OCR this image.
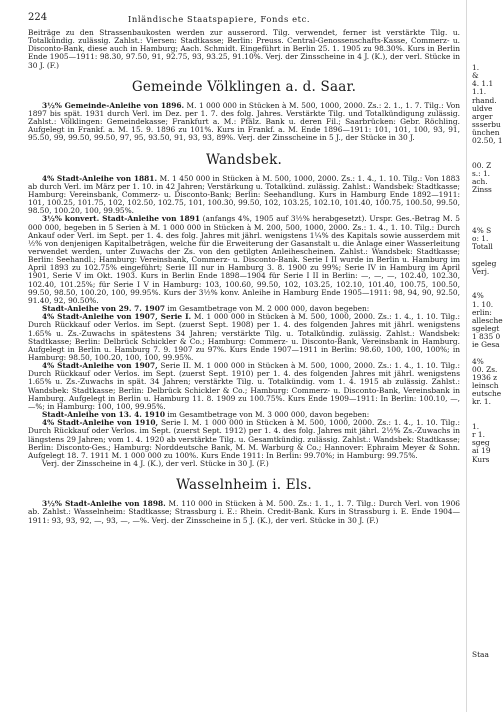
224	Inländische Staatspapiere, Fonds etc.

Beiträge zu den Strassenbaukosten werden zur ausserord. Tilg. verwendet, ferner ist verstärkte Tilg. u. Totalkündig. zulässig. Zahlst.: Viersen: Stadtkasse; Berlin: Preuss. Central-Genossenschafts-Kasse, Commerz- u. Disconto-Bank, diese auch in Hamburg; Aach. Schmidt. Eingeführt in Berlin 25. 1. 1905 zu 98.30%. Kurs in Berlin Ende 1905—1911: 98.30, 97.50, 91, 92.75, 93, 93.25, 91.10%. Verj. der Zinsscheine in 4 J. (K.), der verl. Stücke in 30 J. (F.)

Gemeinde Völklingen a. d. Saar.

3½% Gemeinde-Anleihe von 1896. M. 1 000 000 in Stücken à M. 500, 1000, 2000. Zs.: 2. 1., 1. 7. Tilg.: Von 1897 bis spät. 1931 durch Verl. im Dez. per 1. 7. des folg. Jahres. Verstärkte Tilg. und Totalkündigung zulässig. Zahlst.: Völklingen: Gemeindekasse; Frankfurt a. M.: Pfälz. Bank u. deren Fil.; Saarbrücken: Gebr. Röchling. Aufgelegt in Frankf. a. M. 15. 9. 1896 zu 101%. Kurs in Frankf. a. M. Ende 1896—1911: 101, 101, 100, 93, 91, 95.50, 99, 99.50, 99.50, 97, 95, 93.50, 91, 93, 93, 89%. Verj. der Zinsscheine in 5 J., der Stücke in 30 J.

Wandsbek.

4% Stadt-Anleihe von 1881. M. 1 450 000 in Stücken à M. 500, 1000, 2000. Zs.: 1. 4., 1. 10. Tilg.: Von 1883 ab durch Verl. im März per 1. 10. in 42 Jahren; Verstärkung u. Totalkünd. zulässig. Zahlst.: Wandsbek: Stadtkasse; Hamburg: Vereinsbank, Commerz- u. Disconto-Bank; Berlin: Seehandlung. Kurs in Hamburg Ende 1892—1911: 101, 100.25, 101.75, 102, 102.50, 102.75, 101, 100.30, 99.50, 102, 103.25, 102.10, 101.40, 100.75, 100.50, 99.50, 98.50, 100.20, 100, 99.95%.

3½% konvert. Stadt-Anleihe von 1891 (anfangs 4%, 1905 auf 3½% herabgesetzt). Urspr. Ges.-Betrag M. 5 000 000, begeben in 5 Serien à M. 1 000 000 in Stücken à M. 200, 500, 1000, 2000. Zs.: 1. 4., 1. 10. Tilg.: Durch Ankauf oder Verl. im Sept. per 1. 4. des folg. Jahres mit jährl. wenigstens 1¼% des Kapitals sowie ausserdem mit ½% von denjenigen Kapitalbeträgen, welche für die Erweiterung der Gasanstalt u. die Anlage einer Wasserleitung verwendet werden, unter Zuwachs der Zs. von den getilgten Anleihescheinen. Zahlst.: Wandsbek: Stadtkasse; Berlin: Seehandl.; Hamburg: Vereinsbank, Commerz- u. Disconto-Bank. Serie I II wurde in Berlin u. Hamburg im April 1893 zu 102.75% eingeführt; Serie III nur in Hamburg 3. 8. 1900 zu 99%; Serie IV in Hamburg im April 1901, Serie V im Okt. 1903. Kurs in Berlin Ende 1898—1904 für Serie I II in Berlin: —, —, —, 102.40, 102.30, 102.40, 101.25%; für Serie I V in Hamburg: 103, 100.60, 99.50, 102, 103.25, 102.10, 101.40, 100.75, 100.50, 99.50, 98.50, 100.20, 100, 99.95%. Kurs der 3½% konv. Anleihe in Hamburg Ende 1905—1911: 98, 94, 90, 92.50, 91.40, 92, 90.50%.

Stadt-Anleihe von 29. 7. 1907 im Gesamtbetrage von M. 2 000 000, davon begeben:

4% Stadt-Anleihe von 1907, Serie I. M. 1 000 000 in Stücken à M. 500, 1000, 2000. Zs.: 1. 4., 1. 10. Tilg.: Durch Rückkauf oder Verlos. im Sept. (zuerst Sept. 1908) per 1. 4. des folgenden Jahres mit jährl. wenigstens 1.65% u. Zs.-Zuwachs in spätestens 34 Jahren; verstärkte Tilg. u. Totalkündig. zulässig. Zahlst.: Wandsbek: Stadtkasse; Berlin: Delbrück Schickler & Co.; Hamburg: Commerz- u. Disconto-Bank, Vereinsbank in Hamburg. Aufgelegt in Berlin u. Hamburg 7. 9. 1907 zu 97%. Kurs Ende 1907—1911 in Berlin: 98.60, 100, 100, 100%; in Hamburg: 98.50, 100.20, 100, 100, 99.95%.

4% Stadt-Anleihe von 1907, Serie II. M. 1 000 000 in Stücken à M. 500, 1000, 2000. Zs.: 1. 4., 1. 10. Tilg.: Durch Rückkauf oder Verlos. im Sept. (zuerst Sept. 1910) per 1. 4. des folgenden Jahres mit jährl. wenigstens 1.65% u. Zs.-Zuwachs in spät. 34 Jahren; verstärkte Tilg. u. Totalkündig. vom 1. 4. 1915 ab zulässig. Zahlst.: Wandsbek: Stadtkasse; Berlin: Delbrück Schickler & Co.; Hamburg: Commerz- u. Disconto-Bank, Vereinsbank in Hamburg. Aufgelegt in Berlin u. Hamburg 11. 8. 1909 zu 100.75%. Kurs Ende 1909—1911: In Berlin: 100.10, —, —%; in Hamburg: 100, 100, 99.95%.

Stadt-Anleihe von 13. 4. 1910 im Gesamtbetrage von M. 3 000 000, davon begeben:

4% Stadt-Anleihe von 1910, Serie I. M. 1 000 000 in Stücken à M. 500, 1000, 2000. Zs.: 1. 4., 1. 10. Tilg.: Durch Rückkauf oder Verlos. im Sept. (zuerst Sept. 1912) per 1. 4. des folg. Jahres mit jährl. 2½% Zs.-Zuwachs in längstens 29 Jahren; vom 1. 4. 1920 ab verstärkte Tilg. u. Gesamtkündig. zulässig. Zahlst.: Wandsbek: Stadtkasse; Berlin: Disconto-Ges.; Hamburg: Norddeutsche Bank, M. M. Warburg & Co.; Hannover: Ephraim Meyer & Sohn. Aufgelegt 18. 7. 1911 M. 1 000 000 zu 100%. Kurs Ende 1911: In Berlin: 99.70%; in Hamburg: 99.75%.

Verj. der Zinsscheine in 4 J. (K.), der verl. Stücke in 30 J. (F.)

Wasselnheim i. Els.

3½% Stadt-Anleihe von 1898. M. 110 000 in Stücken à M. 500. Zs.: 1. 1., 1. 7. Tilg.: Durch Verl. von 1906 ab. Zahlst.: Wasselnheim: Stadtkasse; Strassburg i. E.: Rhein. Credit-Bank. Kurs in Strassburg i. E. Ende 1904—1911: 93, 93, 92, —, 93, —, —%. Verj. der Zinsscheine in 5 J. (K.), der verl. Stücke in 30 J. (F.)

1.
&
4. 1.1
1.1.
rhand.
uldve
arger
ssserbu
ünchen
02.50, 1

00. Z
s.: 1.
ach.
Zinss

4% S
o: 1.
Totall

sgeleg
Verj.

4%
1. 10.
erlin:
allesche
sgelegt
1 835 0
ie Gesa

4%
00. Zs.
1936 z
leinsch
eutsche
kr. 1.

1.
r 1.
sgeg
ai 19
Kurs

Staa
